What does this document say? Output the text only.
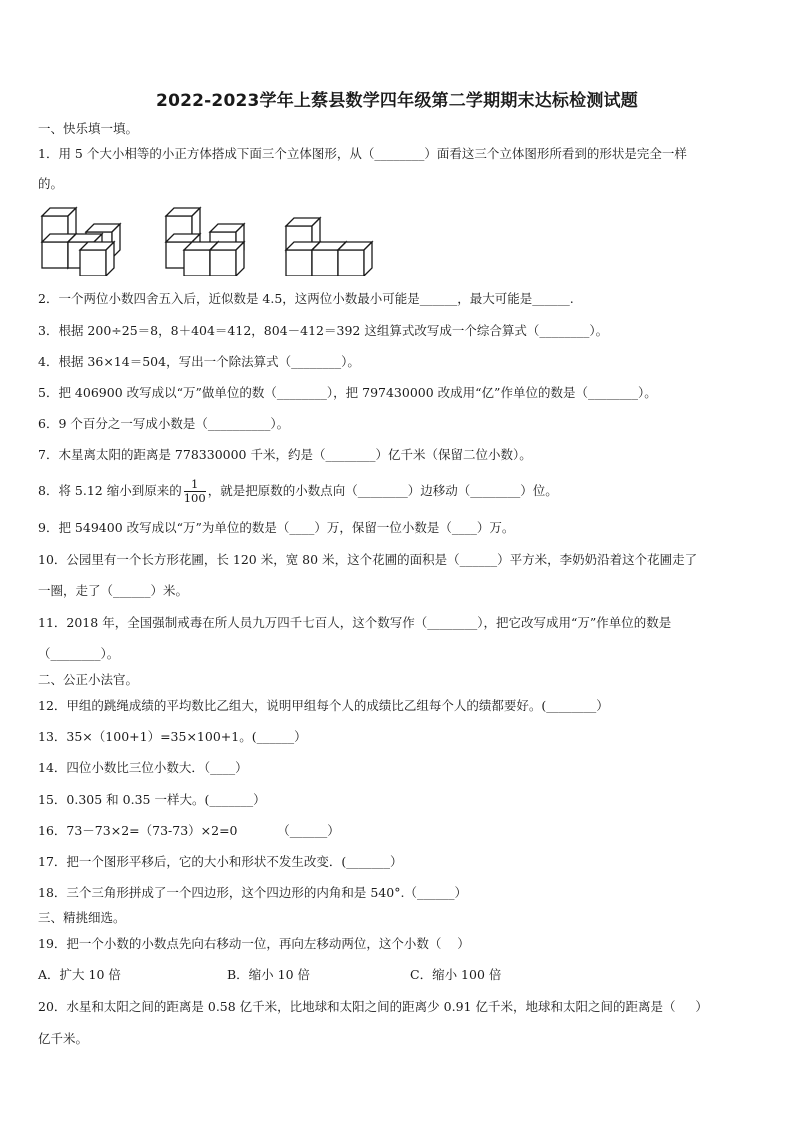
2022-2023学年上蔡县数学四年级第二学期期末达标检测试题
一、快乐填一填。
1．用 5 个大小相等的小正方体搭成下面三个立体图形，从（________）面看这三个立体图形所看到的形状是完全一样
的。
2．一个两位小数四舍五入后，近似数是 4.5，这两位小数最小可能是______，最大可能是______.
3．根据 200÷25＝8，8＋404＝412，804－412＝392 这组算式改写成一个综合算式（________）。
4．根据 36×14＝504，写出一个除法算式（________）。
5．把 406900 改写成以“万”做单位的数（________），把 797430000 改成用“亿”作单位的数是（________）。
6．9 个百分之一写成小数是（__________）。
7．木星离太阳的距离是 778330000 千米，约是（________）亿千米（保留二位小数）。
8．将 5.12 缩小到原来的 $\frac{1}{100}$ ，就是把原数的小数点向（________）边移动（________）位。
9．把 549400 改写成以“万”为单位的数是（____）万，保留一位小数是（____）万。
10．公园里有一个长方形花圃，长 120 米，宽 80 米，这个花圃的面积是（______）平方米，李奶奶沿着这个花圃走了
一圈，走了（______）米。
11．2018 年，全国强制戒毒在所人员九万四千七百人，这个数写作（________），把它改写成用“万”作单位的数是
（________）。
二、公正小法官。
12．甲组的跳绳成绩的平均数比乙组大，说明甲组每个人的成绩比乙组每个人的绩都要好。(________）
13．35×（100+1）=35×100+1。(______）
14．四位小数比三位小数大．（____）
15．0.305 和 0.35 一样大。(_______）
16．73－73×2=（73-73）×2=0          （______）
17．把一个图形平移后，它的大小和形状不发生改变．(_______）
18．三个三角形拼成了一个四边形，这个四边形的内角和是 540°.（______）
三、精挑细选。
19．把一个小数的小数点先向右移动一位，再向左移动两位，这个小数（    ）
A．扩大 10 倍	B．缩小 10 倍	C．缩小 100 倍
20．水星和太阳之间的距离是 0.58 亿千米，比地球和太阳之间的距离少 0.91 亿千米，地球和太阳之间的距离是（     ）
亿千米。
